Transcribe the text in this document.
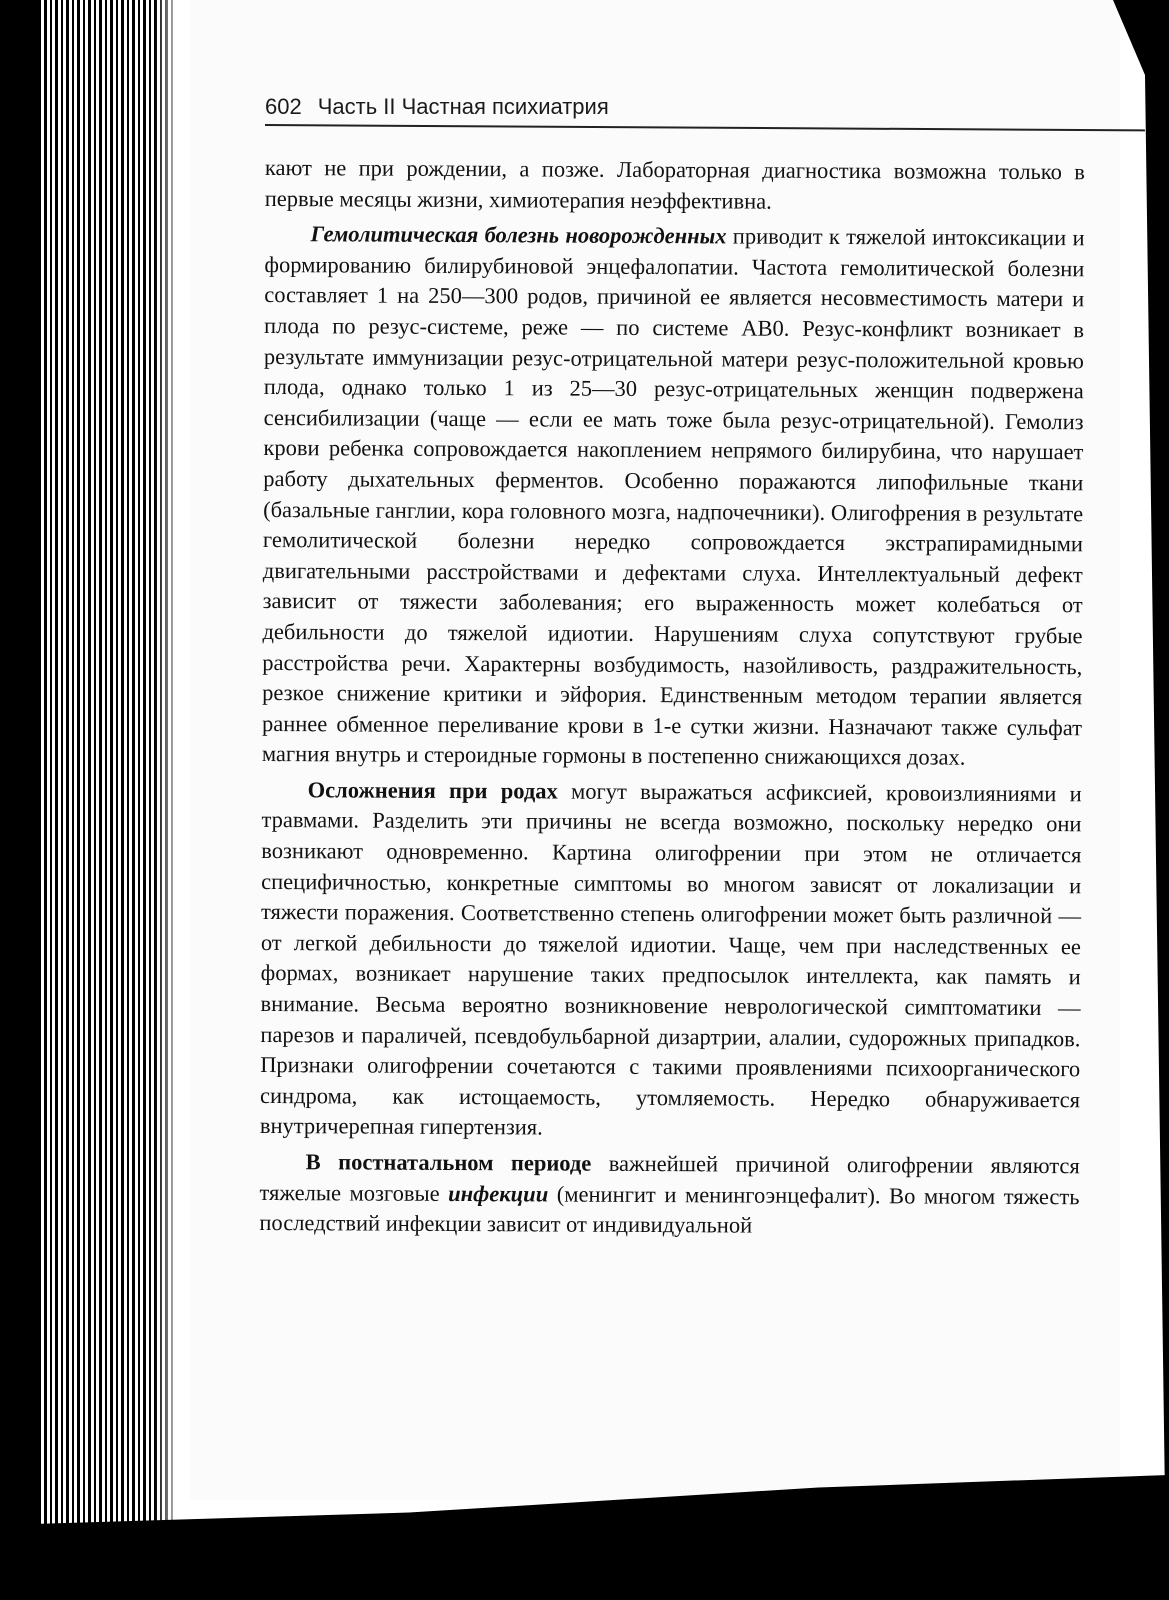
602 Часть II Частная психиатрия

кают не при рождении, а позже. Лабораторная диагностика возможна только в первые месяцы жизни, химиотерапия неэффективна.

Гемолитическая болезнь новорожденных приводит к тяжелой интоксикации и формированию билирубиновой энцефалопатии. Частота гемолитической болезни составляет 1 на 250—300 родов, причиной ее является несовместимость матери и плода по резус-системе, реже — по системе AB0. Резус-конфликт возникает в результате иммунизации резус-отрицательной матери резус-положительной кровью плода, однако только 1 из 25—30 резус-отрицательных женщин подвержена сенсибилизации (чаще — если ее мать тоже была резус-отрицательной). Гемолиз крови ребенка сопровождается накоплением непрямого билирубина, что нарушает работу дыхательных ферментов. Особенно поражаются липофильные ткани (базальные ганглии, кора головного мозга, надпочечники). Олигофрения в результате гемолитической болезни нередко сопровождается экстрапирамидными двигательными расстройствами и дефектами слуха. Интеллектуальный дефект зависит от тяжести заболевания; его выраженность может колебаться от дебильности до тяжелой идиотии. Нарушениям слуха сопутствуют грубые расстройства речи. Характерны возбудимость, назойливость, раздражительность, резкое снижение критики и эйфория. Единственным методом терапии является раннее обменное переливание крови в 1-е сутки жизни. Назначают также сульфат магния внутрь и стероидные гормоны в постепенно снижающихся дозах.

Осложнения при родах могут выражаться асфиксией, кровоизлияниями и травмами. Разделить эти причины не всегда возможно, поскольку нередко они возникают одновременно. Картина олигофрении при этом не отличается специфичностью, конкретные симптомы во многом зависят от локализации и тяжести поражения. Соответственно степень олигофрении может быть различной — от легкой дебильности до тяжелой идиотии. Чаще, чем при наследственных ее формах, возникает нарушение таких предпосылок интеллекта, как память и внимание. Весьма вероятно возникновение неврологической симптоматики — парезов и параличей, псевдобульбарной дизартрии, алалии, судорожных припадков. Признаки олигофрении сочетаются с такими проявлениями психоорганического синдрома, как истощаемость, утомляемость. Нередко обнаруживается внутричерепная гипертензия.

В постнатальном периоде важнейшей причиной олигофрении являются тяжелые мозговые инфекции (менингит и менингоэнцефалит). Во многом тяжесть последствий инфекции зависит от индивидуальной
